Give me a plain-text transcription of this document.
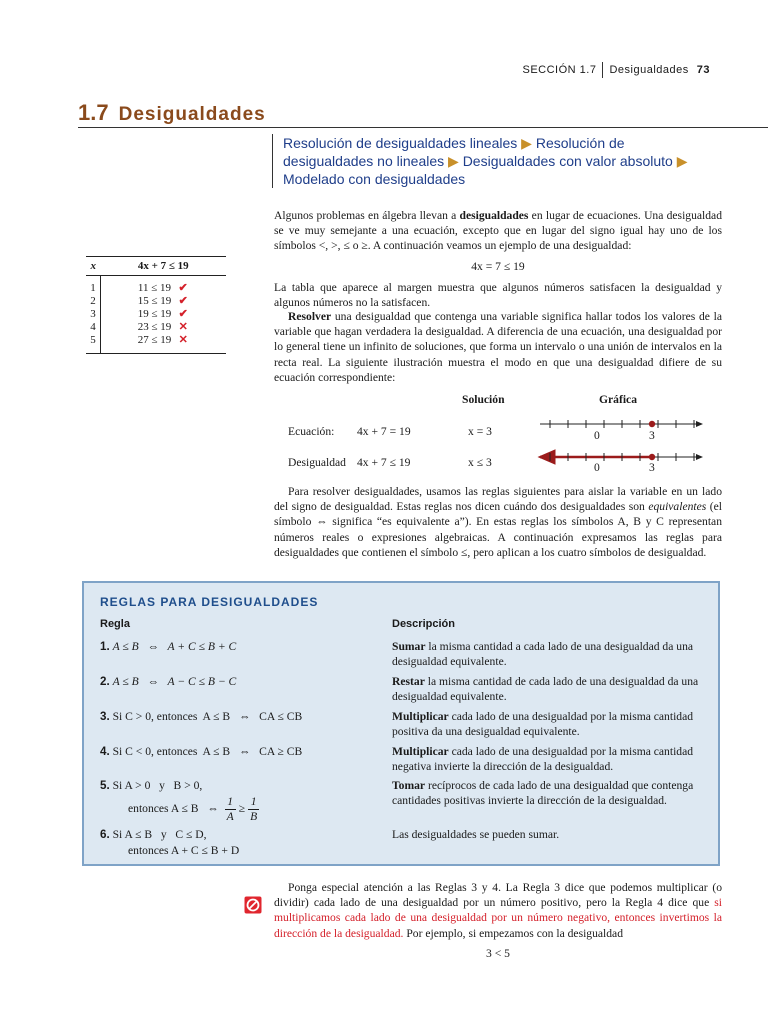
SECCIÓN 1.7 Desigualdades 73
1.7 Desigualdades
Resolución de desigualdades lineales ▶ Resolución de desigualdades no lineales ▶ Desigualdades con valor absoluto ▶ Modelado con desigualdades
Algunos problemas en álgebra llevan a desigualdades en lugar de ecuaciones. Una desigualdad se ve muy semejante a una ecuación, excepto que en lugar del signo igual hay uno de los símbolos <, >, ≤ o ≥. A continuación veamos un ejemplo de una desigualdad:
4x = 7 ≤ 19
x	4x + 7 ≤ 19
1	11 ≤ 19 ✔
2	15 ≤ 19 ✔
3	19 ≤ 19 ✔
4	23 ≤ 19 ✕
5	27 ≤ 19 ✕
La tabla que aparece al margen muestra que algunos números satisfacen la desigualdad y algunos números no la satisfacen.
Resolver una desigualdad que contenga una variable significa hallar todos los valores de la variable que hagan verdadera la desigualdad. A diferencia de una ecuación, una desigualdad por lo general tiene un infinito de soluciones, que forma un intervalo o una unión de intervalos en la recta real. La siguiente ilustración muestra el modo en que una desigualdad difiere de su ecuación correspondiente:
Solución	Gráfica
Ecuación: 4x + 7 = 19	x = 3
Desigualdad 4x + 7 ≤ 19	x ≤ 3
0	3
0	3
Para resolver desigualdades, usamos las reglas siguientes para aislar la variable en un lado del signo de desigualdad. Estas reglas nos dicen cuándo dos desigualdades son equivalentes (el símbolo ⇔ significa “es equivalente a”). En estas reglas los símbolos A, B y C representan números reales o expresiones algebraicas. A continuación expresamos las reglas para desigualdades que contienen el símbolo ≤, pero aplican a los cuatro símbolos de desigualdad.
REGLAS PARA DESIGUALDADES
Regla	Descripción
1. A ≤ B   ⇔   A + C ≤ B + C	Sumar la misma cantidad a cada lado de una desigualdad da una desigualdad equivalente.
2. A ≤ B   ⇔   A − C ≤ B − C	Restar la misma cantidad de cada lado de una desigualdad da una desigualdad equivalente.
3. Si C > 0, entonces  A ≤ B   ⇔   CA ≤ CB	Multiplicar cada lado de una desigualdad por la misma cantidad positiva da una desigualdad equivalente.
4. Si C < 0, entonces  A ≤ B   ⇔   CA ≥ CB	Multiplicar cada lado de una desigualdad por la misma cantidad negativa invierte la dirección de la desigualdad.
5. Si A > 0   y   B > 0,
entonces A ≤ B   ⇔ $\frac{1}{A} \ge \frac{1}{B}$
Tomar recíprocos de cada lado de una desigualdad que contenga cantidades positivas invierte la dirección de la desigualdad.
6. Si A ≤ B   y   C ≤ D,
entonces A + C ≤ B + D
Las desigualdades se pueden sumar.
Ponga especial atención a las Reglas 3 y 4. La Regla 3 dice que podemos multiplicar (o dividir) cada lado de una desigualdad por un número positivo, pero la Regla 4 dice que si multiplicamos cada lado de una desigualdad por un número negativo, entonces invertimos la dirección de la desigualdad. Por ejemplo, si empezamos con la desigualdad
3 < 5
